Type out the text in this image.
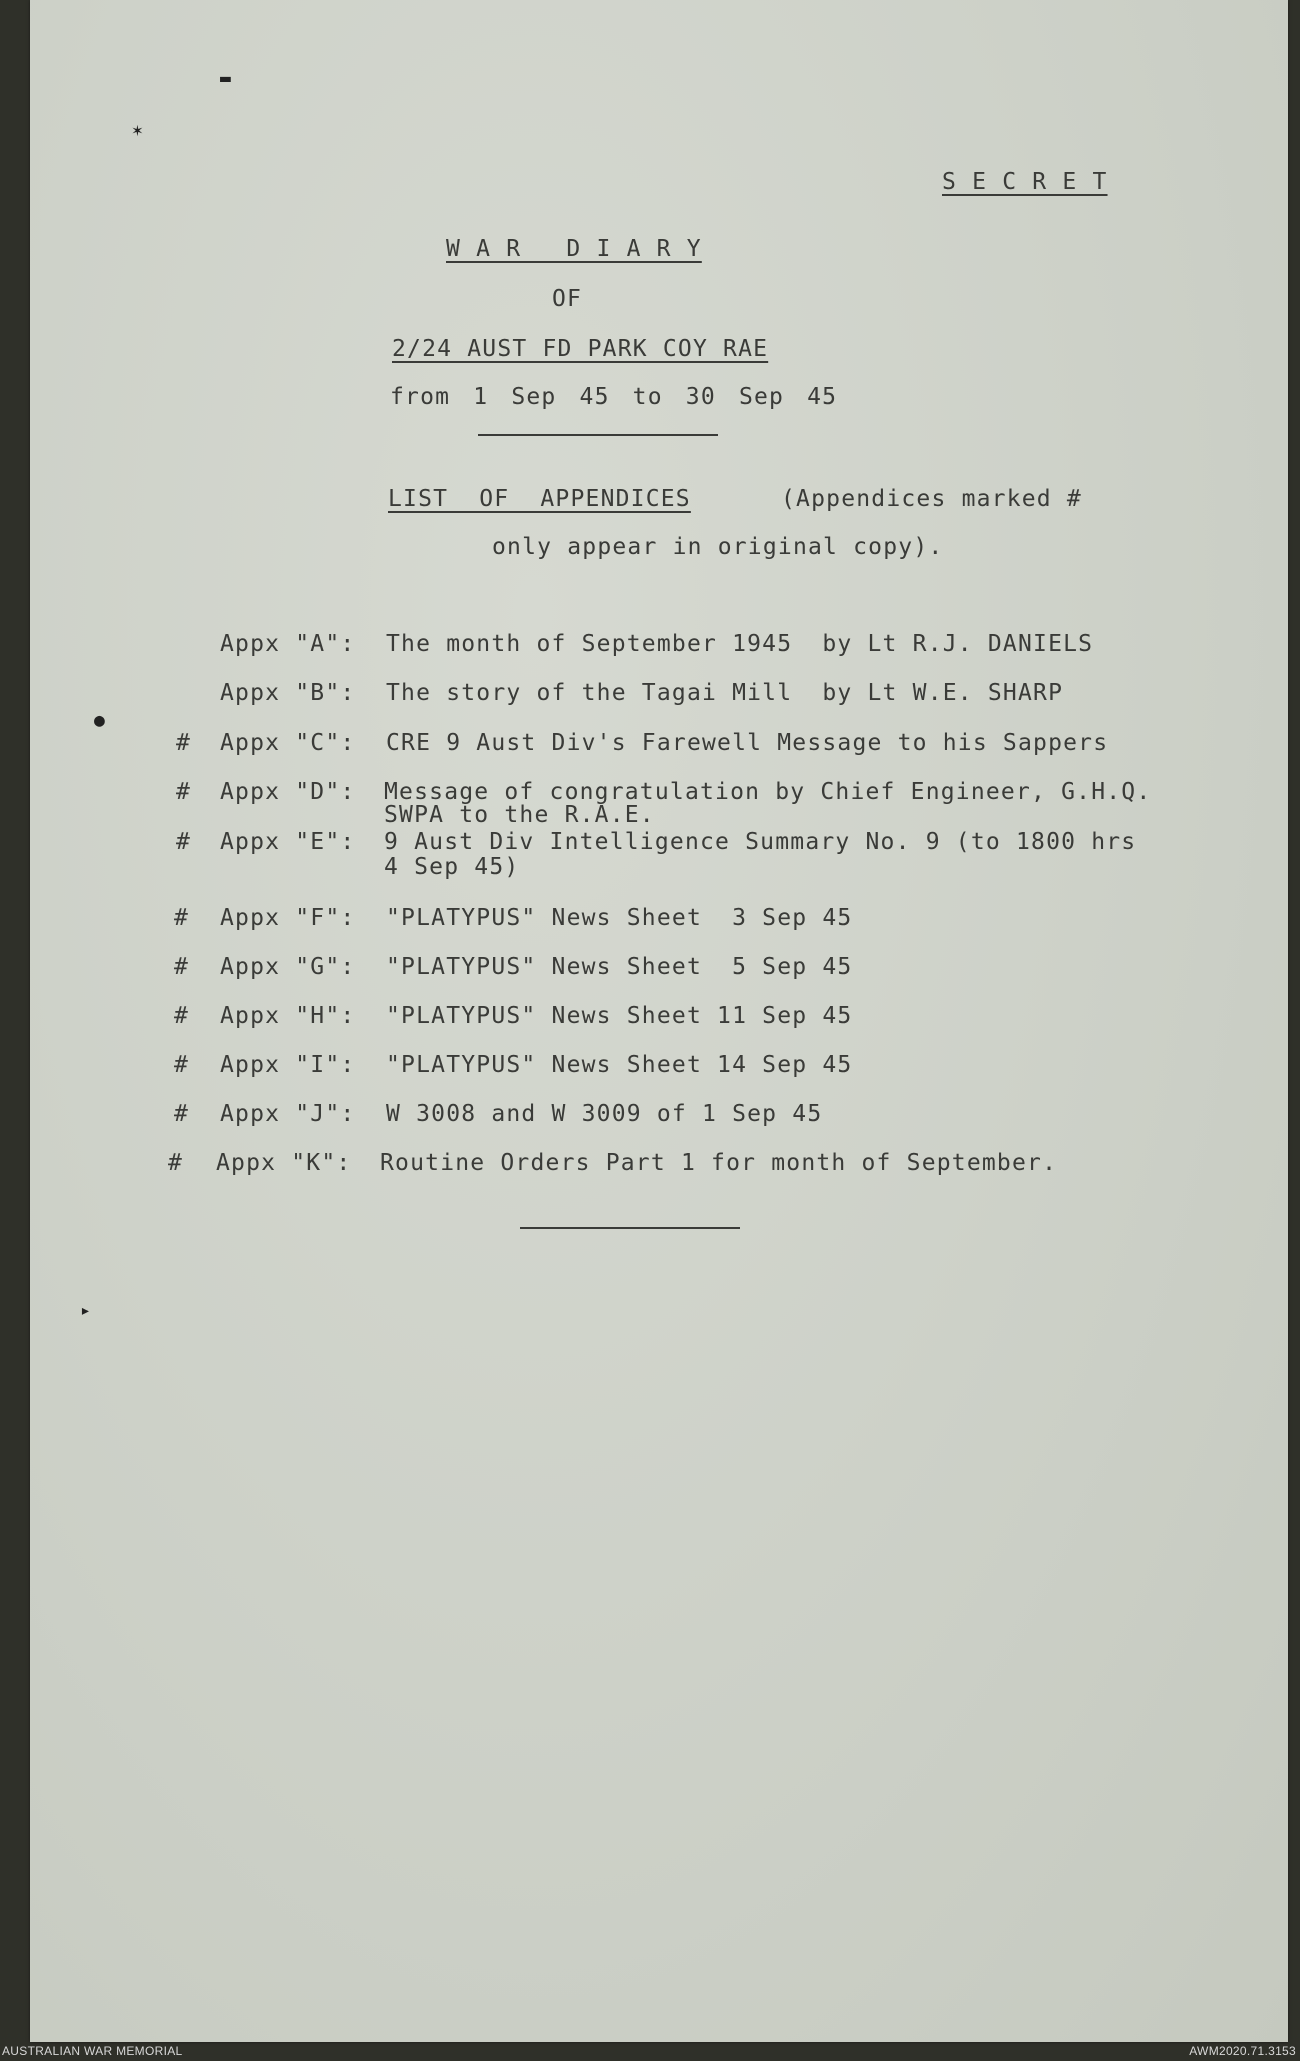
▬
✶
●
▸
S E C R E T
W A R   D I A R Y
OF
2/24 AUST FD PARK COY RAE
from 1 Sep 45 to 30 Sep 45
LIST OF APPENDICES	(Appendices marked #
only appear in original copy).
Appx "A": The month of September 1945  by Lt R.J. DANIELS
Appx "B": The story of the Tagai Mill  by Lt W.E. SHARP
# Appx "C": CRE 9 Aust Div's Farewell Message to his Sappers
# Appx "D": Message of congratulation by Chief Engineer, G.H.Q.
SWPA to the R.A.E.
# Appx "E": 9 Aust Div Intelligence Summary No. 9 (to 1800 hrs
4 Sep 45)
# Appx "F": "PLATYPUS" News Sheet  3 Sep 45
# Appx "G": "PLATYPUS" News Sheet  5 Sep 45
# Appx "H": "PLATYPUS" News Sheet 11 Sep 45
# Appx "I": "PLATYPUS" News Sheet 14 Sep 45
# Appx "J": W 3008 and W 3009 of 1 Sep 45
# Appx "K": Routine Orders Part 1 for month of September.
AUSTRALIAN WAR MEMORIAL	AWM2020.71.3153
